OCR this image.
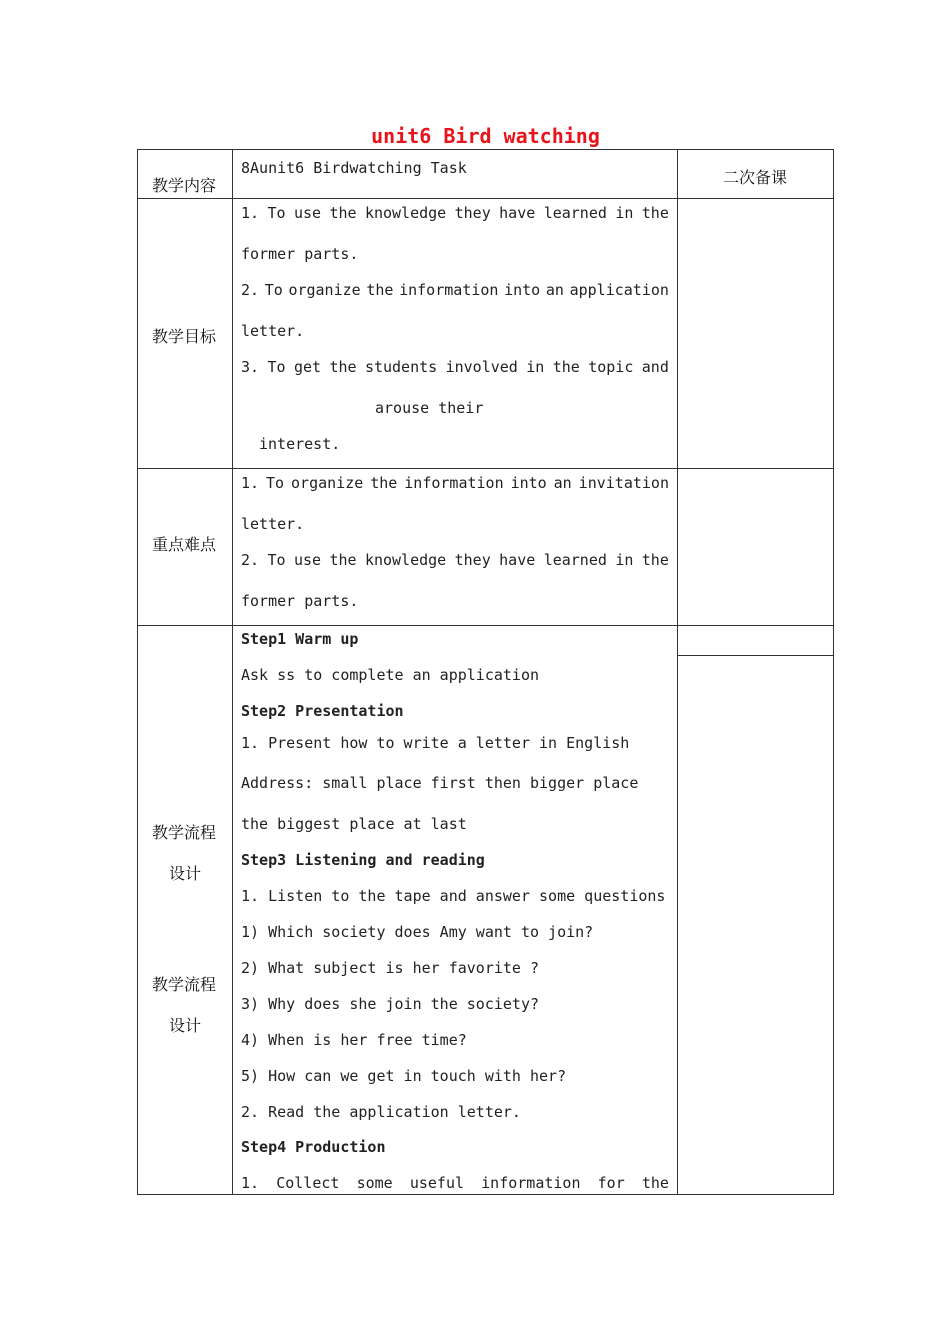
unit6 Bird watching
教学内容
8Aunit6 Birdwatching Task	二次备课
教学目标
1. To use the knowledge they have learned in the
former parts.
2. To organize the information into an application
letter.
3. To get the students involved in the topic and
arouse their
interest.
重点难点
1. To organize the information into an invitation
letter.
2. To use the knowledge they have learned in the
former parts.
教学流程
设计
教学流程
设计
Step1 Warm up
Ask ss to complete an application
Step2 Presentation
1. Present how to write a letter in English
Address: small place first then bigger place
the biggest place at last
Step3 Listening and reading
1. Listen to the tape and answer some questions
1) Which society does Amy want to join?
2) What subject is her favorite ?
3) Why does she join the society?
4) When is her free time?
5) How can we get in touch with her?
2. Read the application letter.
Step4 Production
1. Collect some useful information for the
